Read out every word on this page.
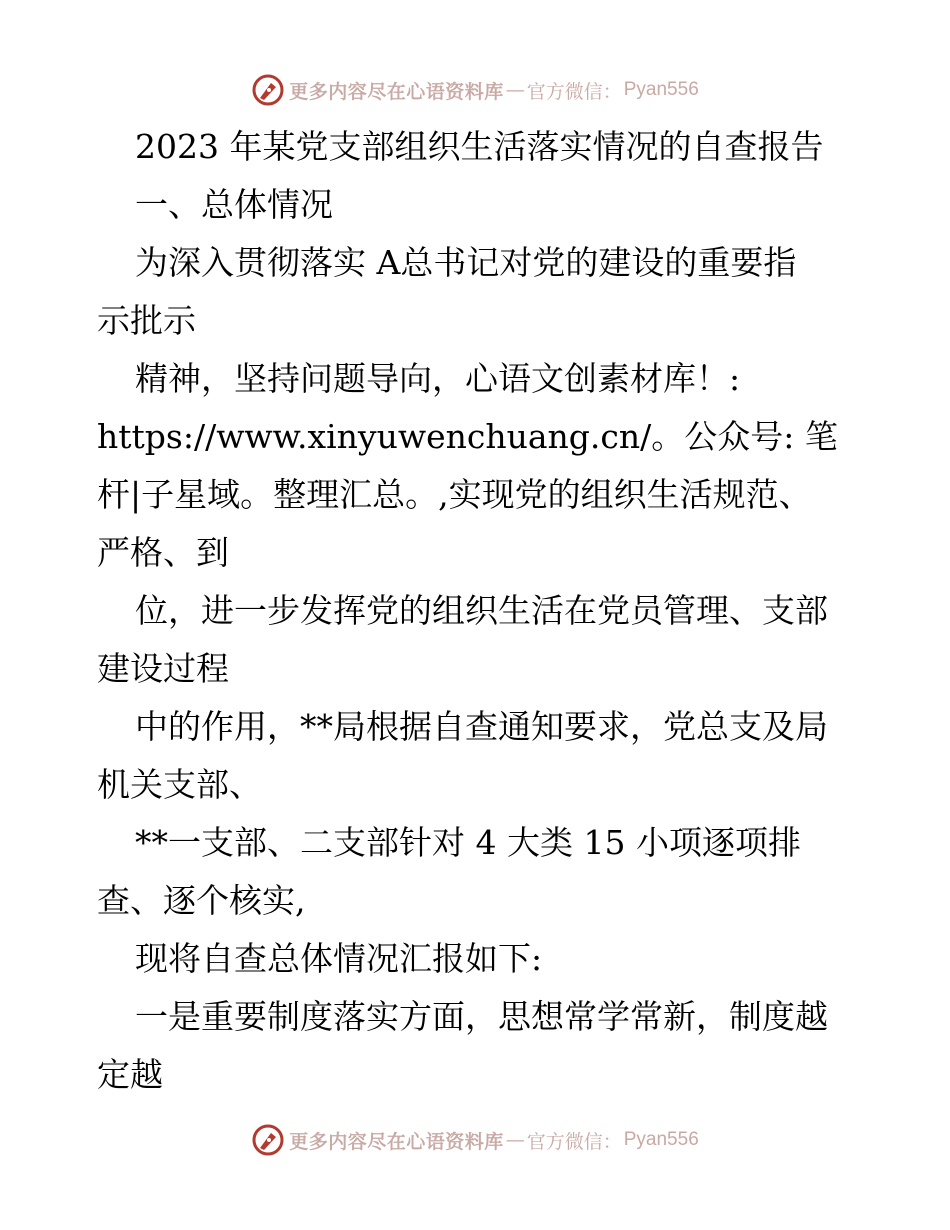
更多内容尽在心语资料库 — 官方微信： Pyan556
2023 年某党支部组织生活落实情况的自查报告
一、总体情况
为深入贯彻落实 A总书记对党的建设的重要指
示批示
精神，坚持问题导向，心语文创素材库！:
https://www.xinyuwenchuang.cn/。公众号: 笔
杆|子星域。整理汇总。,实现党的组织生活规范、
严格、到
位，进一步发挥党的组织生活在党员管理、支部
建设过程
中的作用，**局根据自查通知要求，党总支及局
机关支部、
**一支部、二支部针对 4 大类 15 小项逐项排
查、逐个核实,
现将自查总体情况汇报如下:
一是重要制度落实方面，思想常学常新，制度越
定越
更多内容尽在心语资料库 — 官方微信： Pyan556
